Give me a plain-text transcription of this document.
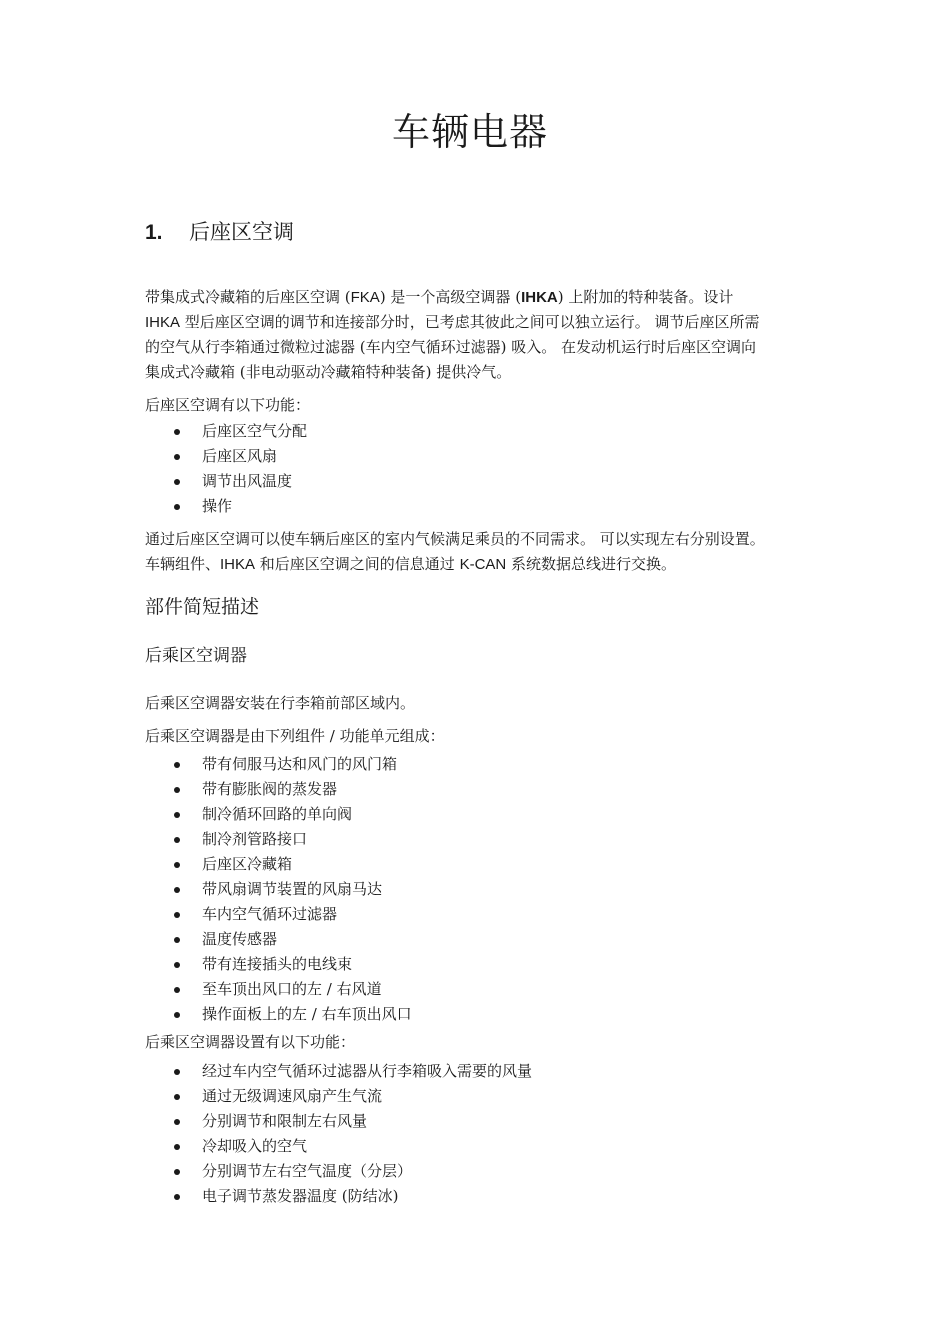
车辆电器
1. 后座区空调
带集成式冷藏箱的后座区空调 (FKA) 是一个高级空调器 (IHKA) 上附加的特种装备。设计
IHKA 型后座区空调的调节和连接部分时，已考虑其彼此之间可以独立运行。 调节后座区所需
的空气从行李箱通过微粒过滤器 (车内空气循环过滤器) 吸入。 在发动机运行时后座区空调向
集成式冷藏箱 (非电动驱动冷藏箱特种装备) 提供冷气。
后座区空调有以下功能：
后座区空气分配
后座区风扇
调节出风温度
操作
通过后座区空调可以使车辆后座区的室内气候满足乘员的不同需求。 可以实现左右分别设置。
车辆组件、IHKA 和后座区空调之间的信息通过 K-CAN 系统数据总线进行交换。
部件简短描述
后乘区空调器
后乘区空调器安装在行李箱前部区域内。
后乘区空调器是由下列组件 / 功能单元组成：
带有伺服马达和风门的风门箱
带有膨胀阀的蒸发器
制冷循环回路的单向阀
制冷剂管路接口
后座区冷藏箱
带风扇调节装置的风扇马达
车内空气循环过滤器
温度传感器
带有连接插头的电线束
至车顶出风口的左 / 右风道
操作面板上的左 / 右车顶出风口
后乘区空调器设置有以下功能：
经过车内空气循环过滤器从行李箱吸入需要的风量
通过无级调速风扇产生气流
分别调节和限制左右风量
冷却吸入的空气
分别调节左右空气温度（分层）
电子调节蒸发器温度 (防结冰)
